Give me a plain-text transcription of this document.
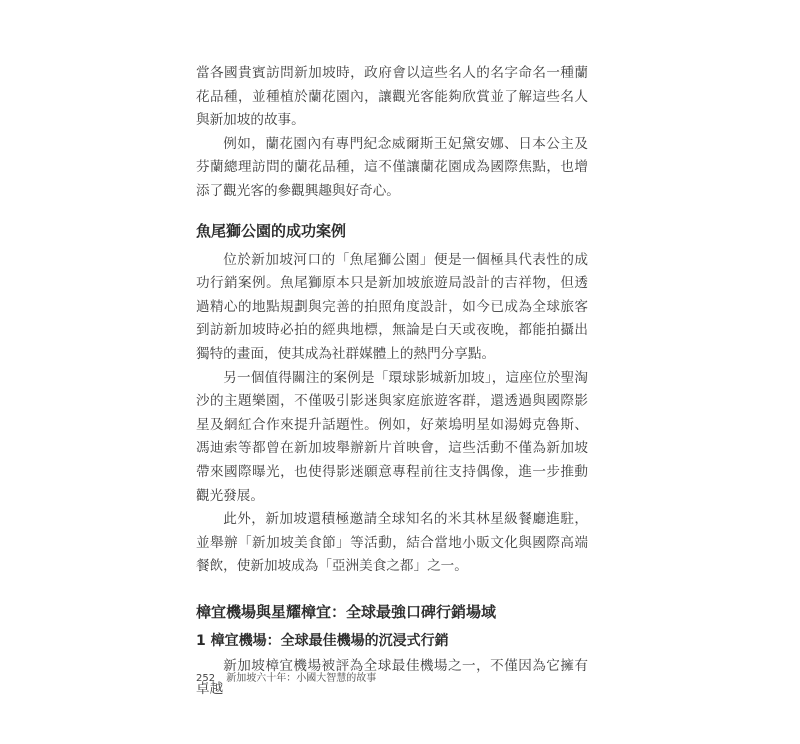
當各國貴賓訪問新加坡時，政府會以這些名人的名字命名一種蘭花品種，並種植於蘭花園內，讓觀光客能夠欣賞並了解這些名人與新加坡的故事。

例如，蘭花園內有專門紀念威爾斯王妃黛安娜、日本公主及芬蘭總理訪問的蘭花品種，這不僅讓蘭花園成為國際焦點，也增添了觀光客的參觀興趣與好奇心。

魚尾獅公園的成功案例

位於新加坡河口的「魚尾獅公園」便是一個極具代表性的成功行銷案例。魚尾獅原本只是新加坡旅遊局設計的吉祥物，但透過精心的地點規劃與完善的拍照角度設計，如今已成為全球旅客到訪新加坡時必拍的經典地標，無論是白天或夜晚，都能拍攝出獨特的畫面，使其成為社群媒體上的熱門分享點。

另一個值得關注的案例是「環球影城新加坡」，這座位於聖淘沙的主題樂園，不僅吸引影迷與家庭旅遊客群，還透過與國際影星及網紅合作來提升話題性。例如，好萊塢明星如湯姆克魯斯、馮迪索等都曾在新加坡舉辦新片首映會，這些活動不僅為新加坡帶來國際曝光，也使得影迷願意專程前往支持偶像，進一步推動觀光發展。

此外，新加坡還積極邀請全球知名的米其林星級餐廳進駐，並舉辦「新加坡美食節」等活動，結合當地小販文化與國際高端餐飲，使新加坡成為「亞洲美食之都」之一。

樟宜機場與星耀樟宜：全球最強口碑行銷場域
1 樟宜機場：全球最佳機場的沉浸式行銷

新加坡樟宜機場被評為全球最佳機場之一，不僅因為它擁有卓越

252 新加坡六十年：小國大智慧的故事
